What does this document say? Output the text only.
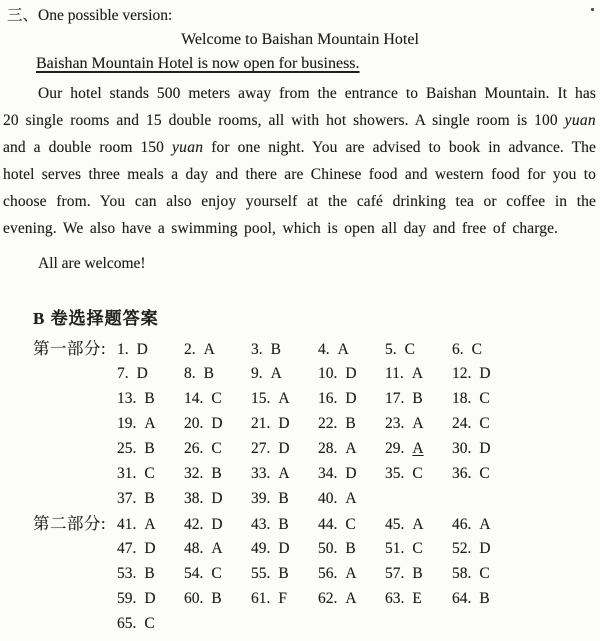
三、One possible version:
Welcome to Baishan Mountain Hotel
Baishan Mountain Hotel is now open for business.

Our hotel stands 500 meters away from the entrance to Baishan Mountain. It has 20 single rooms and 15 double rooms, all with hot showers. A single room is 100 yuan and a double room 150 yuan for one night. You are advised to book in advance. The hotel serves three meals a day and there are Chinese food and western food for you to choose from. You can also enjoy yourself at the café drinking tea or coffee in the evening. We also have a swimming pool, which is open all day and free of charge.

All are welcome!
B 卷选择题答案
第一部分: 1. D	2. A	3. B	4. A	5. C	6. C
7. D	8. B	9. A	10. D	11. A	12. D
13. B	14. C	15. A	16. D	17. B	18. C
19. A	20. D	21. D	22. B	23. A	24. C
25. B	26. C	27. D	28. A	29. A	30. D
31. C	32. B	33. A	34. D	35. C	36. C
37. B	38. D	39. B	40. A
第二部分: 41. A	42. D	43. B	44. C	45. A	46. A
47. D	48. A	49. D	50. B	51. C	52. D
53. B	54. C	55. B	56. A	57. B	58. C
59. D	60. B	61. F	62. A	63. E	64. B
65. C
